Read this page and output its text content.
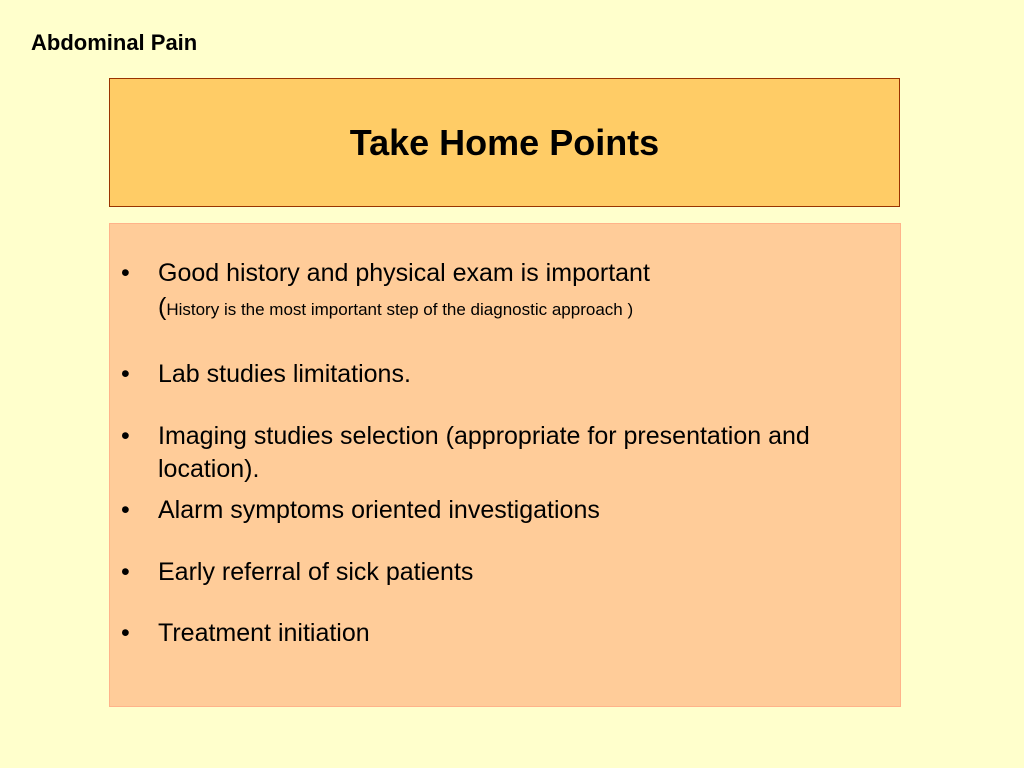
Abdominal Pain
Take Home Points
• Good history and physical exam is important
(History is the most important step of the diagnostic approach )
• Lab studies limitations.
• Imaging studies selection (appropriate for presentation and location).
• Alarm symptoms oriented investigations
• Early referral of sick patients
• Treatment initiation
